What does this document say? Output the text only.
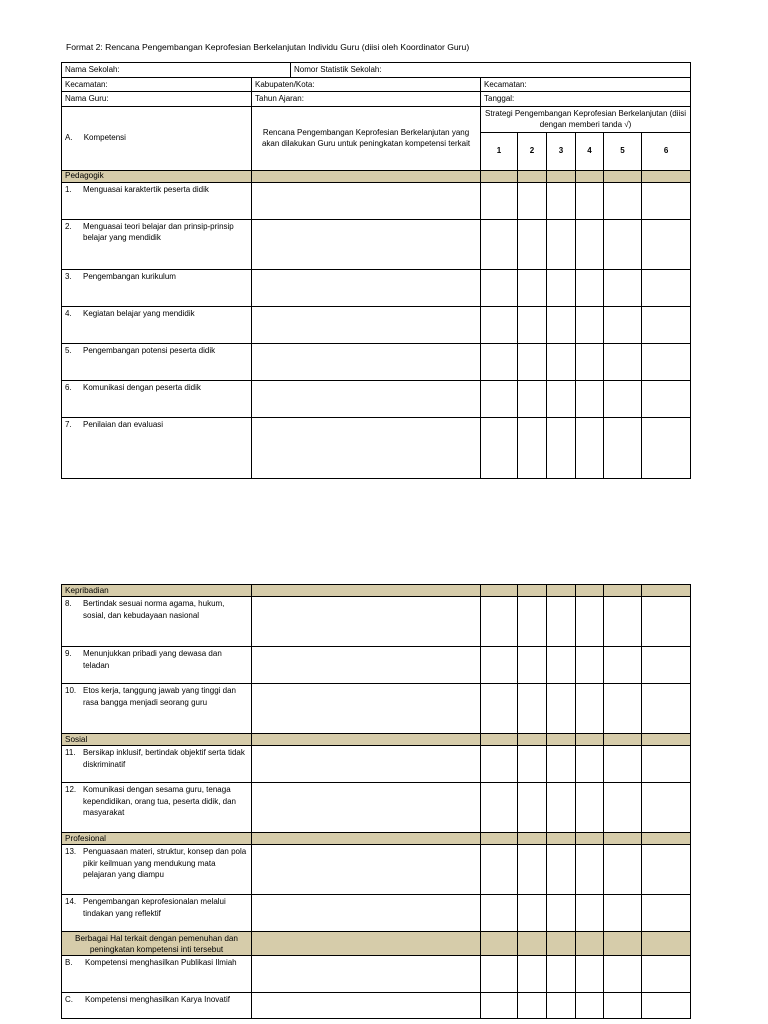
Format 2: Rencana Pengembangan Keprofesian Berkelanjutan Individu Guru (diisi oleh Koordinator Guru)
Nama Sekolah:		Nomor Statistik Sekolah:						
Kecamatan:	Kabupaten/Kota:		Kecamatan:					
Nama Guru:	Tahun Ajaran:		Tanggal:					
A. Kompetensi	Rencana Pengembangan Keprofesian Berkelanjutan yang akan dilakukan Guru untuk peningkatan kompetensi terkait		Strategi Pengembangan Keprofesian Berkelanjutan (diisi dengan memberi tanda √)					
			1	2	3	4	5	6
Pedagogik								

1. Menguasai karaktertik peserta didik								

2. Menguasai teori belajar dan prinsip-prinsip belajar yang mendidik								

3. Pengembangan kurikulum								

4. Kegiatan belajar yang mendidik								

5. Pengembangan potensi peserta didik								

6. Komunikasi dengan peserta didik								

7. Penilaian dan evaluasi								

Kepribadian							

8. Bertindak sesuai norma agama, hukum, sosial, dan kebudayaan nasional							

9. Menunjukkan pribadi yang dewasa dan teladan							

10. Etos kerja, tanggung jawab yang tinggi dan rasa bangga menjadi seorang guru							

Sosial							

11. Bersikap inklusif, bertindak objektif serta tidak diskriminatif							

12. Komunikasi dengan sesama guru, tenaga kependidikan, orang tua, peserta didik, dan masyarakat							

Profesional							

13. Penguasaan materi, struktur, konsep dan pola pikir keilmuan yang mendukung mata pelajaran yang diampu							

14. Pengembangan keprofesionalan melalui tindakan yang reflektif							

Berbagai Hal terkait dengan pemenuhan dan peningkatan kompetensi inti tersebut							

B. Kompetensi menghasilkan Publikasi Ilmiah							

C. Kompetensi menghasilkan Karya Inovatif							
